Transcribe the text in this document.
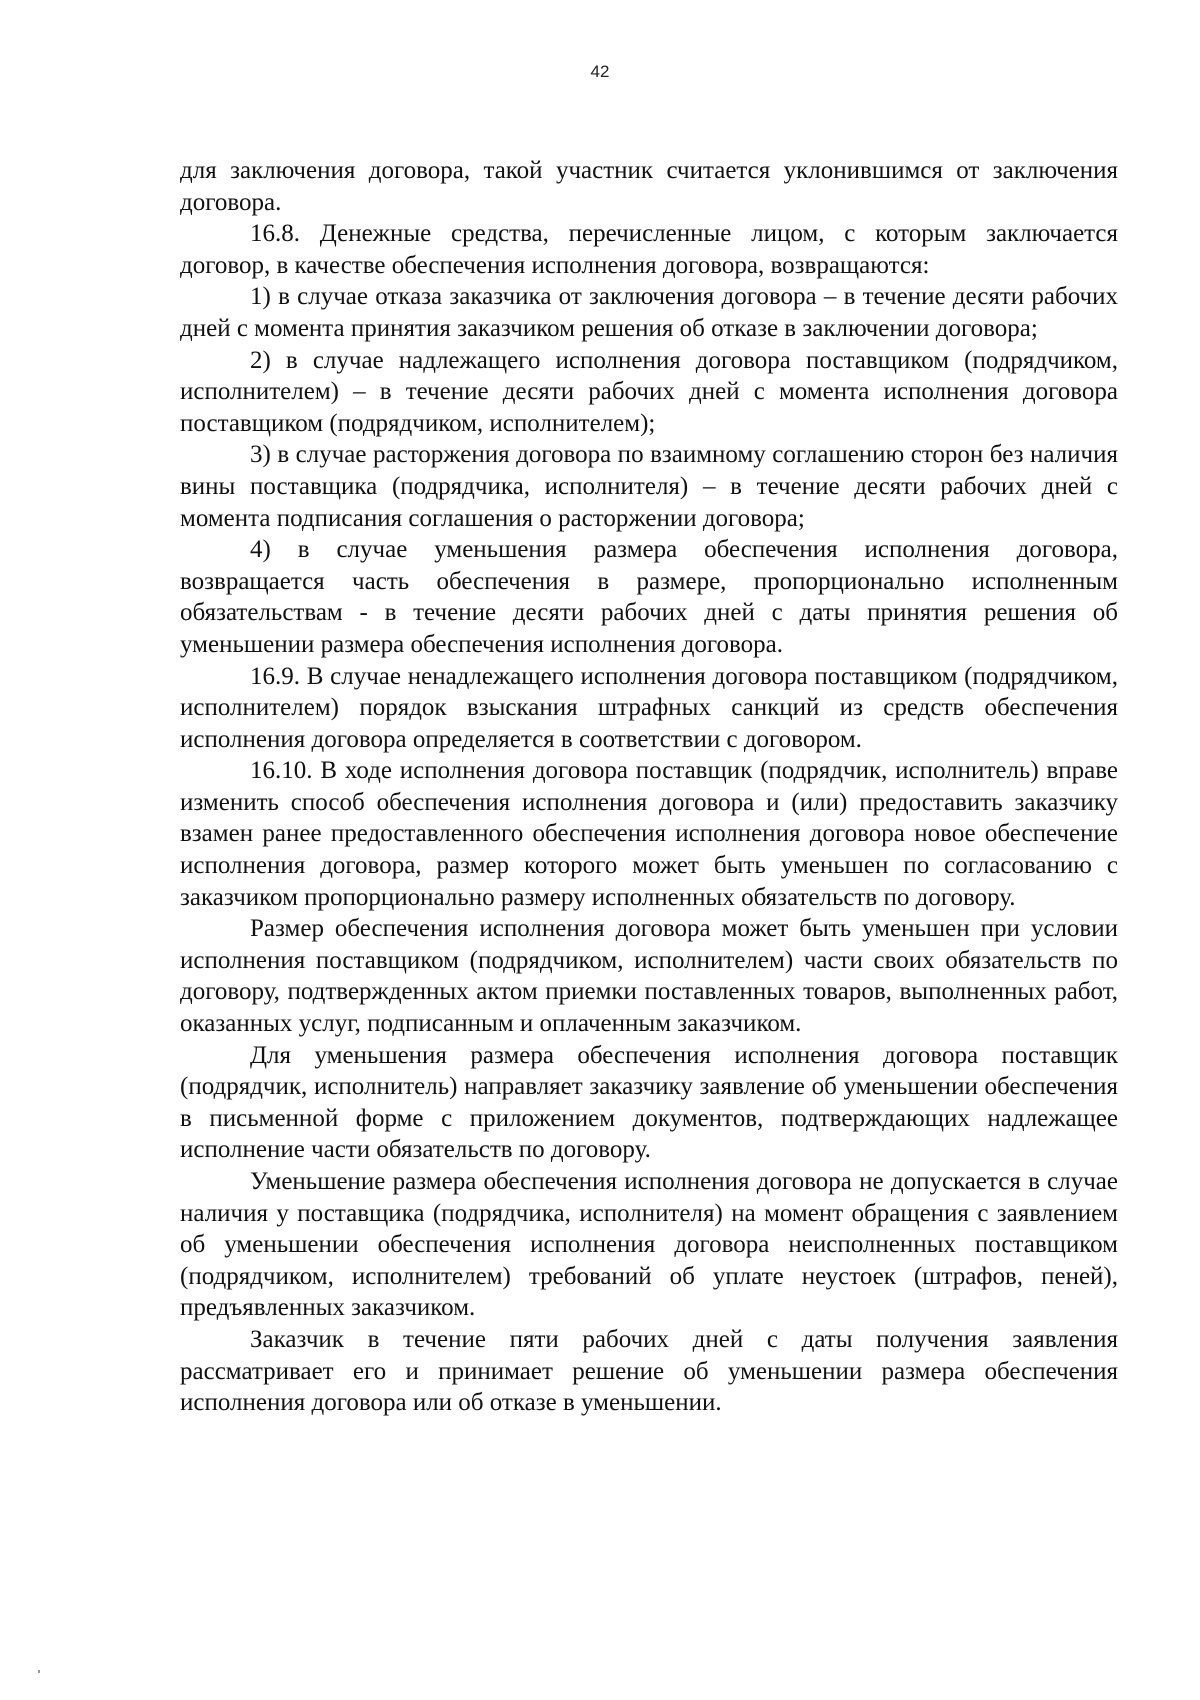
42

для заключения договора, такой участник считается уклонившимся от заключения договора.

16.8. Денежные средства, перечисленные лицом, с которым заключается договор, в качестве обеспечения исполнения договора, возвращаются:

1) в случае отказа заказчика от заключения договора – в течение десяти рабочих дней с момента принятия заказчиком решения об отказе в заключении договора;

2) в случае надлежащего исполнения договора поставщиком (подрядчиком, исполнителем) – в течение десяти рабочих дней с момента исполнения договора поставщиком (подрядчиком, исполнителем);

3) в случае расторжения договора по взаимному соглашению сторон без наличия вины поставщика (подрядчика, исполнителя) – в течение десяти рабочих дней с момента подписания соглашения о расторжении договора;

4) в случае уменьшения размера обеспечения исполнения договора, возвращается часть обеспечения в размере, пропорционально исполненным обязательствам - в течение десяти рабочих дней с даты принятия решения об уменьшении размера обеспечения исполнения договора.

16.9. В случае ненадлежащего исполнения договора поставщиком (подрядчиком, исполнителем) порядок взыскания штрафных санкций из средств обеспечения исполнения договора определяется в соответствии с договором.

16.10. В ходе исполнения договора поставщик (подрядчик, исполнитель) вправе изменить способ обеспечения исполнения договора и (или) предоставить заказчику взамен ранее предоставленного обеспечения исполнения договора новое обеспечение исполнения договора, размер которого может быть уменьшен по согласованию с заказчиком пропорционально размеру исполненных обязательств по договору.

Размер обеспечения исполнения договора может быть уменьшен при условии исполнения поставщиком (подрядчиком, исполнителем) части своих обязательств по договору, подтвержденных актом приемки поставленных товаров, выполненных работ, оказанных услуг, подписанным и оплаченным заказчиком.

Для уменьшения размера обеспечения исполнения договора поставщик (подрядчик, исполнитель) направляет заказчику заявление об уменьшении обеспечения в письменной форме с приложением документов, подтверждающих надлежащее исполнение части обязательств по договору.

Уменьшение размера обеспечения исполнения договора не допускается в случае наличия у поставщика (подрядчика, исполнителя) на момент обращения с заявлением об уменьшении обеспечения исполнения договора неисполненных поставщиком (подрядчиком, исполнителем) требований об уплате неустоек (штрафов, пеней), предъявленных заказчиком.

Заказчик в течение пяти рабочих дней с даты получения заявления рассматривает его и принимает решение об уменьшении размера обеспечения исполнения договора или об отказе в уменьшении.
